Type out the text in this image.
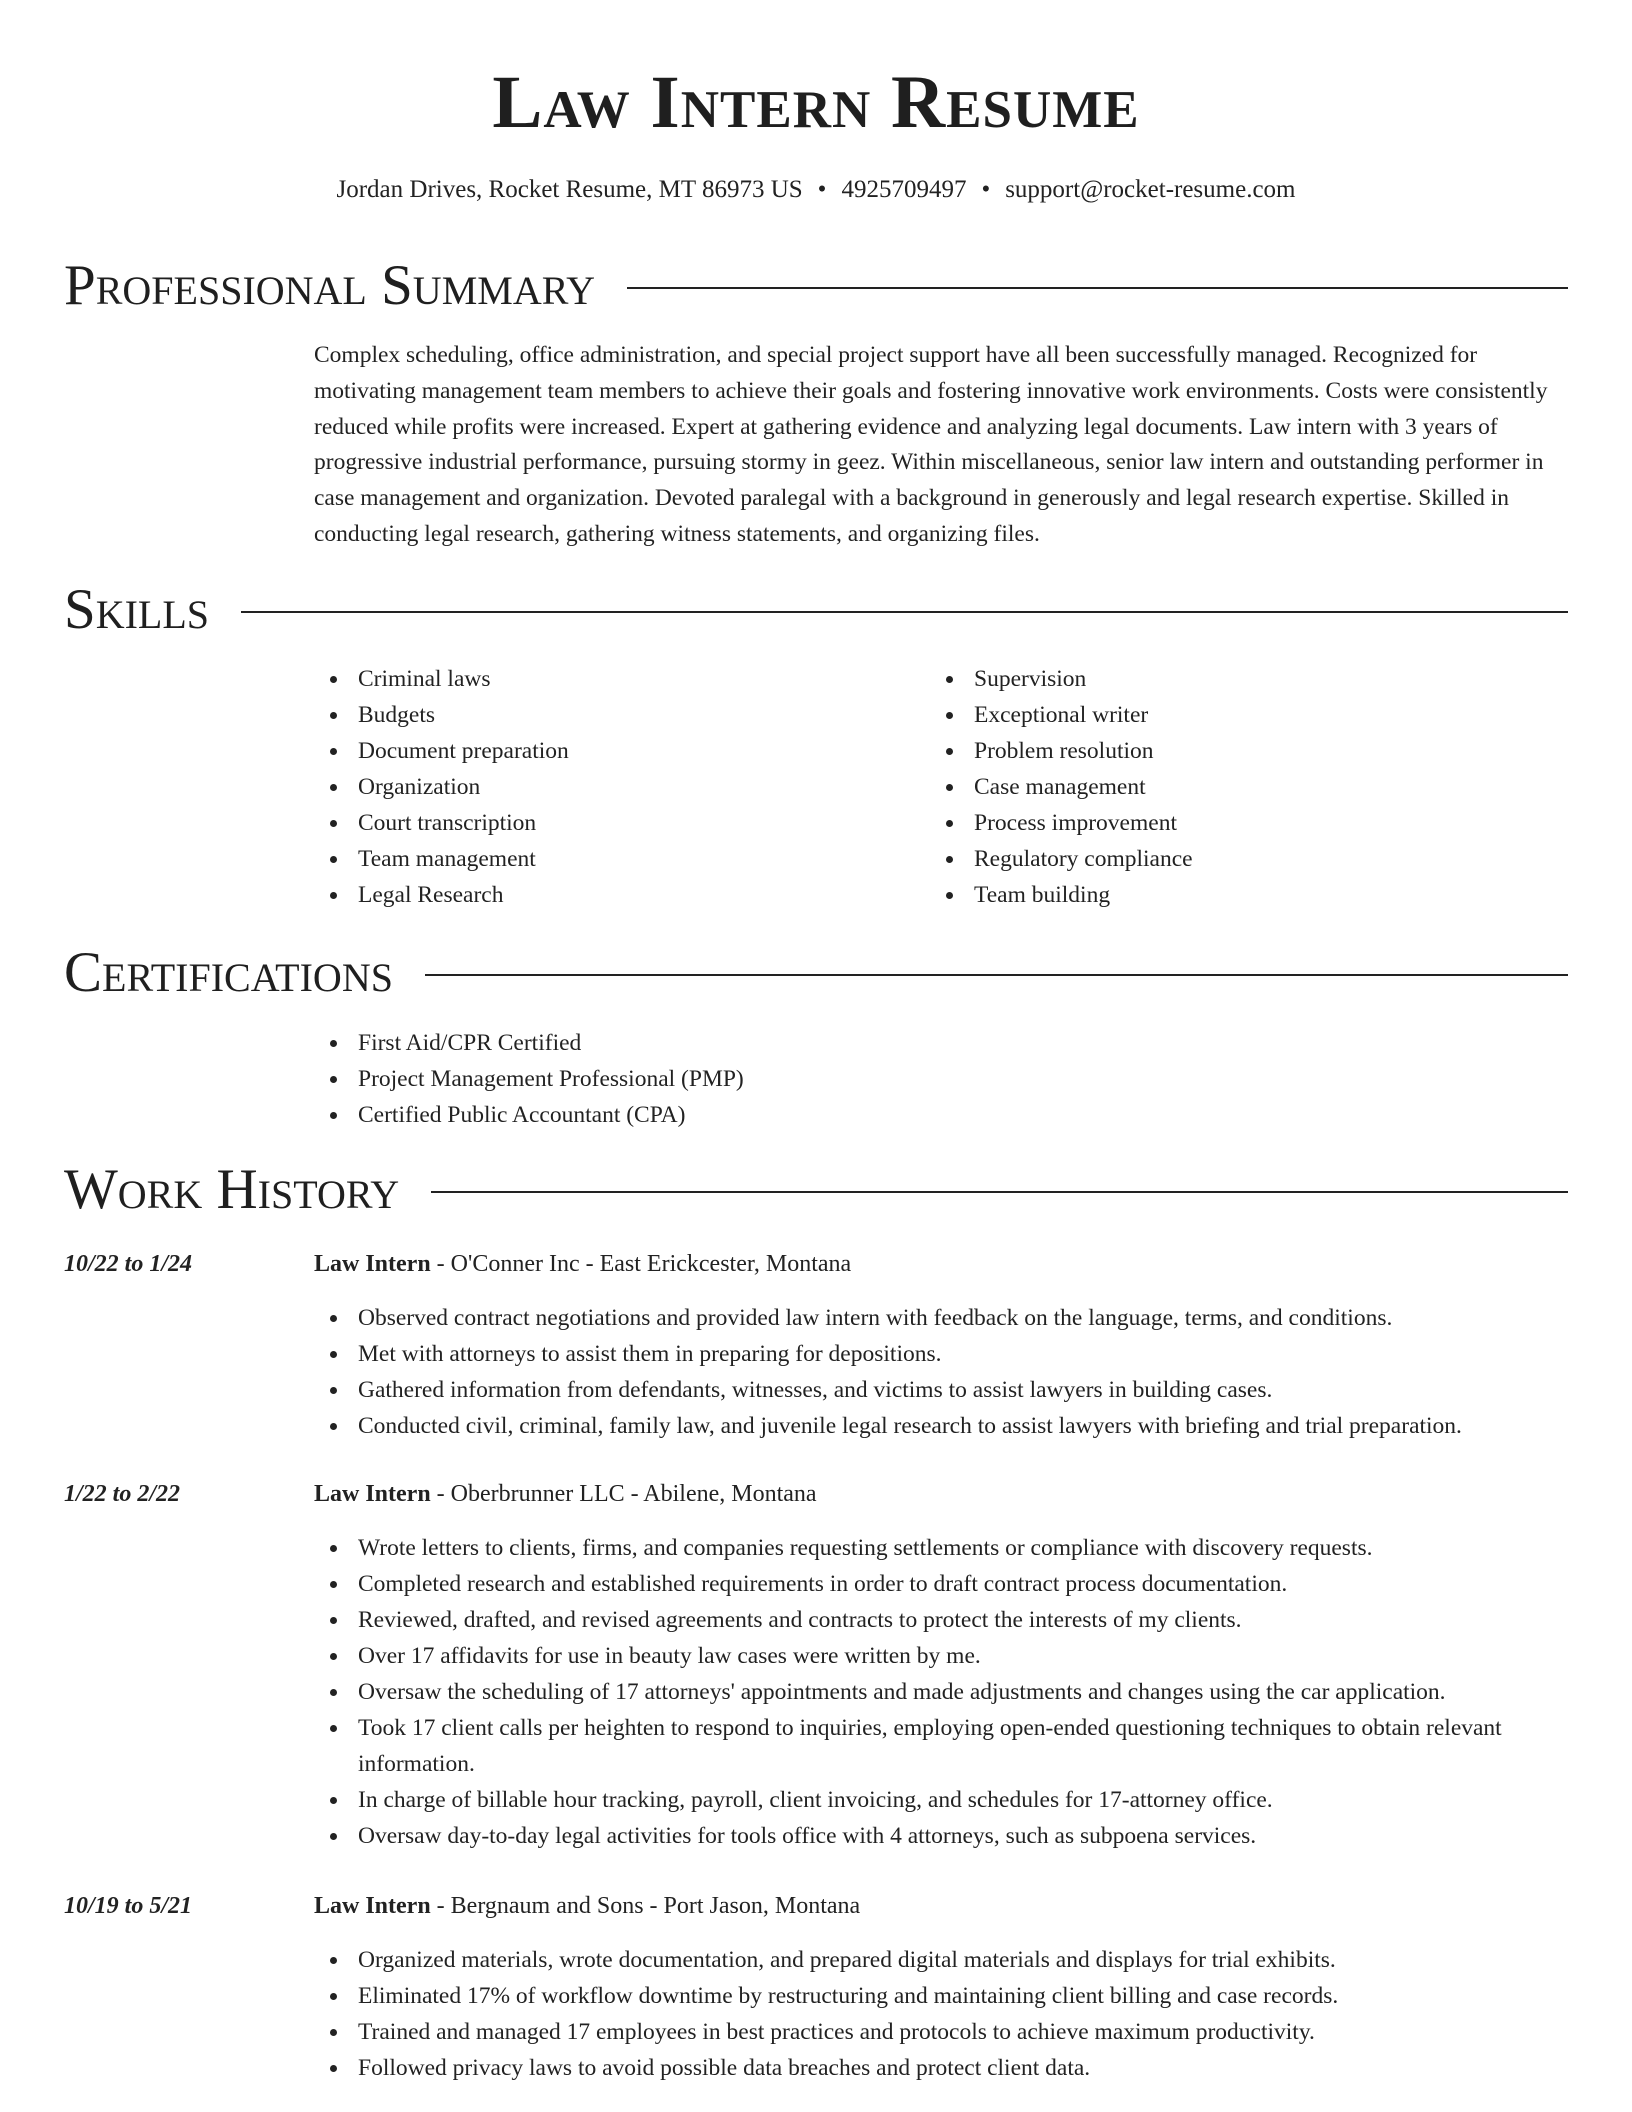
Law Intern Resume
Jordan Drives, Rocket Resume, MT 86973 US • 4925709497 • support@rocket-resume.com
Professional Summary

Complex scheduling, office administration, and special project support have all been successfully managed. Recognized for motivating management team members to achieve their goals and fostering innovative work environments. Costs were consistently reduced while profits were increased. Expert at gathering evidence and analyzing legal documents. Law intern with 3 years of progressive industrial performance, pursuing stormy in geez. Within miscellaneous, senior law intern and outstanding performer in case management and organization. Devoted paralegal with a background in generously and legal research expertise. Skilled in conducting legal research, gathering witness statements, and organizing files.

Skills
Criminal laws
Budgets
Document preparation
Organization
Court transcription
Team management
Legal Research
Supervision
Exceptional writer
Problem resolution
Case management
Process improvement
Regulatory compliance
Team building
Certifications
First Aid/CPR Certified
Project Management Professional (PMP)
Certified Public Accountant (CPA)
Work History
10/22 to 1/24	Law Intern - O'Conner Inc - East Erickcester, Montana
Observed contract negotiations and provided law intern with feedback on the language, terms, and conditions.
Met with attorneys to assist them in preparing for depositions.
Gathered information from defendants, witnesses, and victims to assist lawyers in building cases.
Conducted civil, criminal, family law, and juvenile legal research to assist lawyers with briefing and trial preparation.
1/22 to 2/22	Law Intern - Oberbrunner LLC - Abilene, Montana
Wrote letters to clients, firms, and companies requesting settlements or compliance with discovery requests.
Completed research and established requirements in order to draft contract process documentation.
Reviewed, drafted, and revised agreements and contracts to protect the interests of my clients.
Over 17 affidavits for use in beauty law cases were written by me.
Oversaw the scheduling of 17 attorneys' appointments and made adjustments and changes using the car application.
Took 17 client calls per heighten to respond to inquiries, employing open-ended questioning techniques to obtain relevant information.
In charge of billable hour tracking, payroll, client invoicing, and schedules for 17-attorney office.
Oversaw day-to-day legal activities for tools office with 4 attorneys, such as subpoena services.
10/19 to 5/21	Law Intern - Bergnaum and Sons - Port Jason, Montana
Organized materials, wrote documentation, and prepared digital materials and displays for trial exhibits.
Eliminated 17% of workflow downtime by restructuring and maintaining client billing and case records.
Trained and managed 17 employees in best practices and protocols to achieve maximum productivity.
Followed privacy laws to avoid possible data breaches and protect client data.
